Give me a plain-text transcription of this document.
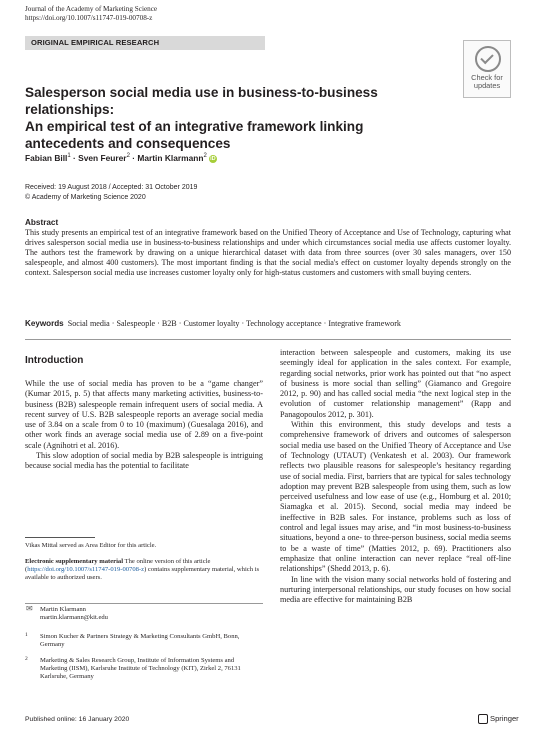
Journal of the Academy of Marketing Science
https://doi.org/10.1007/s11747-019-00708-z
ORIGINAL EMPIRICAL RESEARCH
Check for
updates
Salesperson social media use in business-to-business relationships:
An empirical test of an integrative framework linking
antecedents and consequences
Fabian Bill$^1$ · Sven Feurer$^2$ · Martin Klarmann$^2$ iD
Received: 19 August 2018 / Accepted: 31 October 2019
© Academy of Marketing Science 2020
Abstract
This study presents an empirical test of an integrative framework based on the Unified Theory of Acceptance and Use of Technology, capturing what drives salesperson social media use in business-to-business relationships and under which circumstances social media use affects customer loyalty. The authors test the framework by drawing on a unique hierarchical dataset with data from three sources (over 30 sales managers, over 150 salespeople, and almost 400 customers). The most important finding is that the social media's effect on customer loyalty depends strongly on the context. Salesperson social media use increases customer loyalty only for high-status customers and customers with small buying centers.
Keywords Social media · Salespeople · B2B · Customer loyalty · Technology acceptance · Integrative framework
Introduction

While the use of social media has proven to be a “game changer” (Kumar 2015, p. 5) that affects many marketing activities, business-to-business (B2B) salespeople remain infrequent users of social media. A recent survey of U.S. B2B salespeople reports an average social media use of 3.84 on a scale from 0 to 10 (maximum) (Guesalaga 2016), and other work finds an average social media use of 2.89 on a five-point scale (Agnihotri et al. 2016).

This slow adoption of social media by B2B salespeople is intriguing because social media has the potential to facilitate

Vikas Mittal served as Area Editor for this article.
Electronic supplementary material The online version of this article (https://doi.org/10.1007/s11747-019-00708-z) contains supplementary material, which is available to authorized users.
✉ Martin Klarmann
martin.klarmann@kit.edu
$^1$	Simon Kucher & Partners Strategy & Marketing Consultants GmbH, Bonn, Germany
$^2$	Marketing & Sales Research Group, Institute of Information Systems and Marketing (IISM), Karlsruhe Institute of Technology (KIT), Zirkel 2, 76131 Karlsruhe, Germany

interaction between salespeople and customers, making its use seemingly ideal for application in the sales context. For example, regarding social networks, prior work has pointed out that “no aspect of business is more social than selling” (Giamanco and Gregoire 2012, p. 90) and has called social media “the next logical step in the evolution of customer relationship management” (Rapp and Panagopoulos 2012, p. 301).

Within this environment, this study develops and tests a comprehensive framework of drivers and outcomes of salesperson social media use based on the Unified Theory of Acceptance and Use of Technology (UTAUT) (Venkatesh et al. 2003). Our framework reflects two plausible reasons for salespeople’s hesitancy regarding use of social media. First, barriers that are typical for sales technology adoption may prevent B2B salespeople from using them, such as low perceived usefulness and low ease of use (e.g., Homburg et al. 2010; Siamagka et al. 2015). Second, social media may indeed be ineffective in B2B sales. For instance, problems such as loss of control and legal issues may arise, and “in most business-to-business situations, beyond a one- to three-person business, social media seems to be a waste of time” (Matties 2012, p. 69). Practitioners also emphasize that online interaction can never replace “real off-line relationships” (Shedd 2013, p. 6).

In line with the vision many social networks hold of fostering and nurturing interpersonal relationships, our study focuses on how social media are effective for maintaining B2B

Published online: 16 January 2020	Springer
